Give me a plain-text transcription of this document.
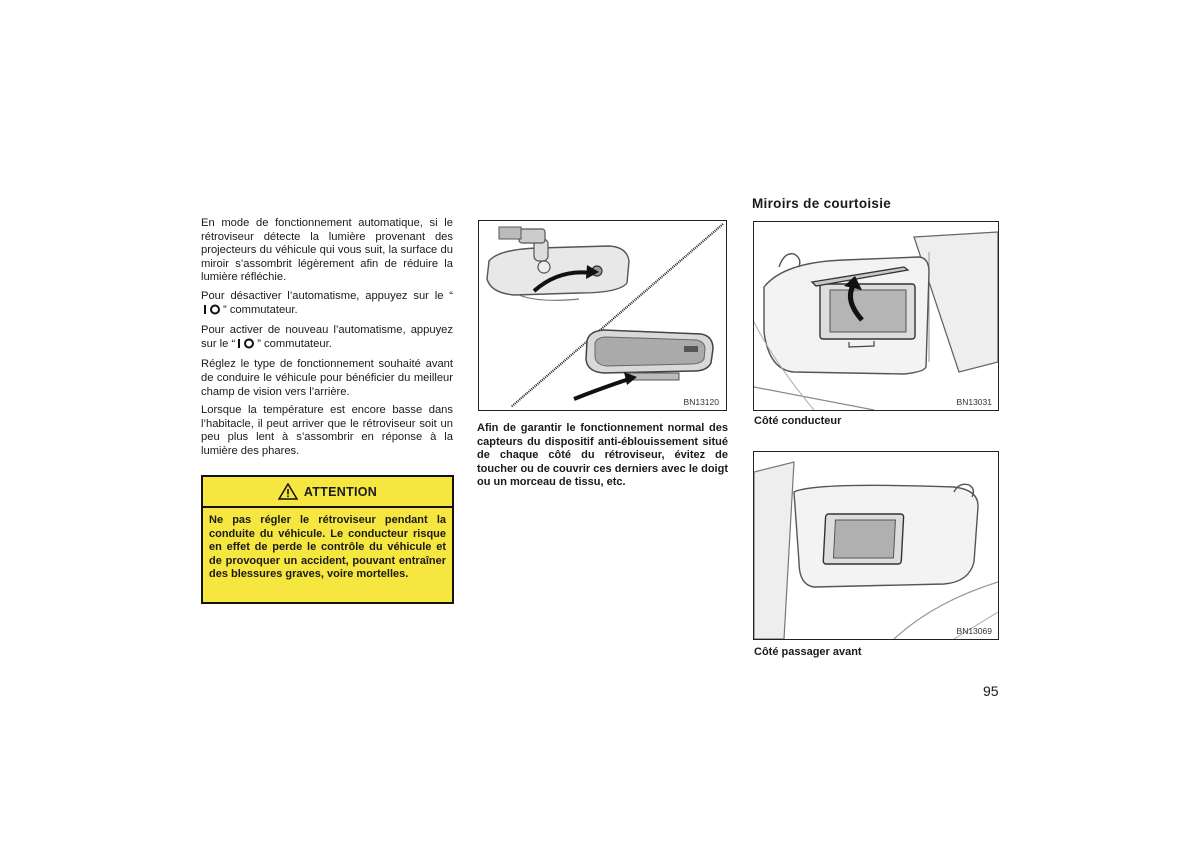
En mode de fonctionnement automatique, si le rétroviseur détecte la lumière provenant des projecteurs du véhicule qui vous suit, la surface du miroir s’assombrit légèrement afin de réduire la lumière réfléchie.

Pour désactiver l’automatisme, appuyez sur le “” commutateur.

Pour activer de nouveau l’automatisme, appuyez sur le “ ” commutateur.

Réglez le type de fonctionnement souhaité avant de conduire le véhicule pour bénéficier du meilleur champ de vision vers l’arrière.

Lorsque la température est encore basse dans l’habitacle, il peut arriver que le rétroviseur soit un peu plus lent à s’assombrir en réponse à la lumière des phares.

ATTENTION
Ne pas régler le rétroviseur pendant la conduite du véhicule. Le conducteur risque en effet de perde le contrôle du véhicule et de provoquer un accident, pouvant entraîner des blessures graves, voire mortelles.
BN13120
Afin de garantir le fonctionnement normal des capteurs du dispositif anti-éblouissement situé de chaque côté du rétroviseur, évitez de toucher ou de couvrir ces derniers avec le doigt ou un morceau de tissu, etc.
Miroirs de courtoisie
BN13031
Côté conducteur
BN13069
Côté passager avant
95
